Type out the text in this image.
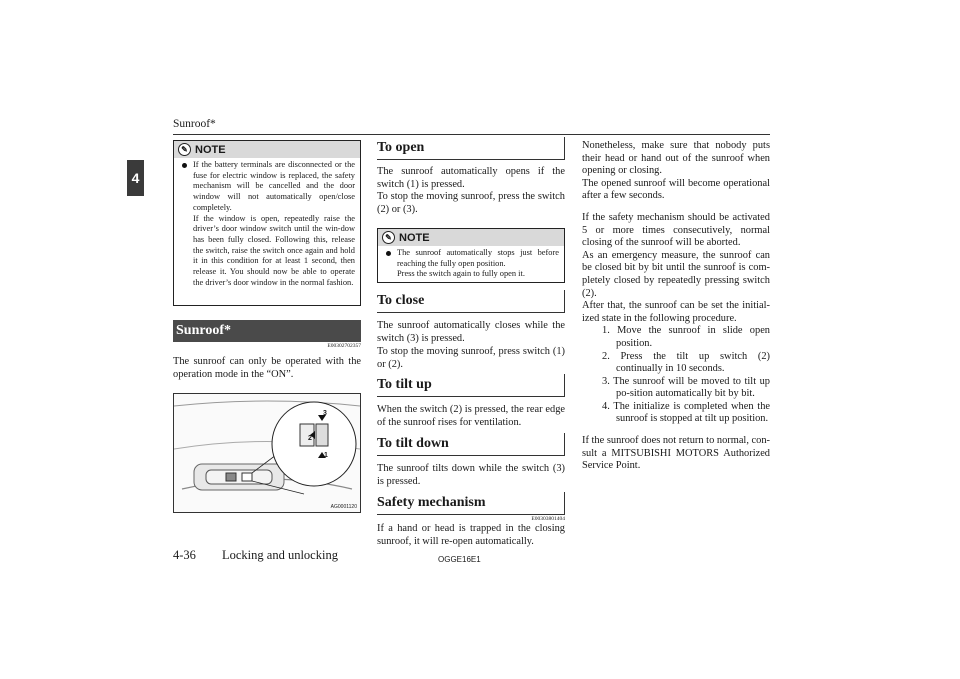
Sunroof*
4
✎ NOTE
If the battery terminals are disconnected or the fuse for electric window is replaced, the safety mechanism will be cancelled and the door window will not automatically open/close completely.
If the window is open, repeatedly raise the driver’s door window switch until the win-dow has been fully closed. Following this, release the switch, raise the switch once again and hold it in this condition for at least 1 second, then release it. You should now be able to operate the driver’s door window in the normal fashion.
Sunroof*
E00302702357

The sunroof can only be operated with the operation mode in the “ON”.

3
2
1
AG0001120
To open

The sunroof automatically opens if the switch (1) is pressed.

To stop the moving sunroof, press the switch (2) or (3).

✎ NOTE
The sunroof automatically stops just before reaching the fully open position.
Press the switch again to fully open it.
To close

The sunroof automatically closes while the switch (3) is pressed.

To stop the moving sunroof, press switch (1) or (2).

To tilt up

When the switch (2) is pressed, the rear edge of the sunroof rises for ventilation.

To tilt down

The sunroof tilts down while the switch (3) is pressed.

Safety mechanism
E00303801404

If a hand or head is trapped in the closing sunroof, it will re-open automatically.

Nonetheless, make sure that nobody puts their head or hand out of the sunroof when opening or closing.

The opened sunroof will become operational after a few seconds.

If the safety mechanism should be activated 5 or more times consecutively, normal closing of the sunroof will be aborted.

As an emergency measure, the sunroof can be closed bit by bit until the sunroof is com-pletely closed by repeatedly pressing switch (2).

After that, the sunroof can be set the initial-ized state in the following procedure.

1. Move the sunroof in slide open position.
2. Press the tilt up switch (2) continually in 10 seconds.
3. The sunroof will be moved to tilt up po-sition automatically bit by bit.
4. The initialize is completed when the sunroof is stopped at tilt up position.

If the sunroof does not return to normal, con-sult a MITSUBISHI MOTORS Authorized Service Point.

4-36 Locking and unlocking	OGGE16E1
